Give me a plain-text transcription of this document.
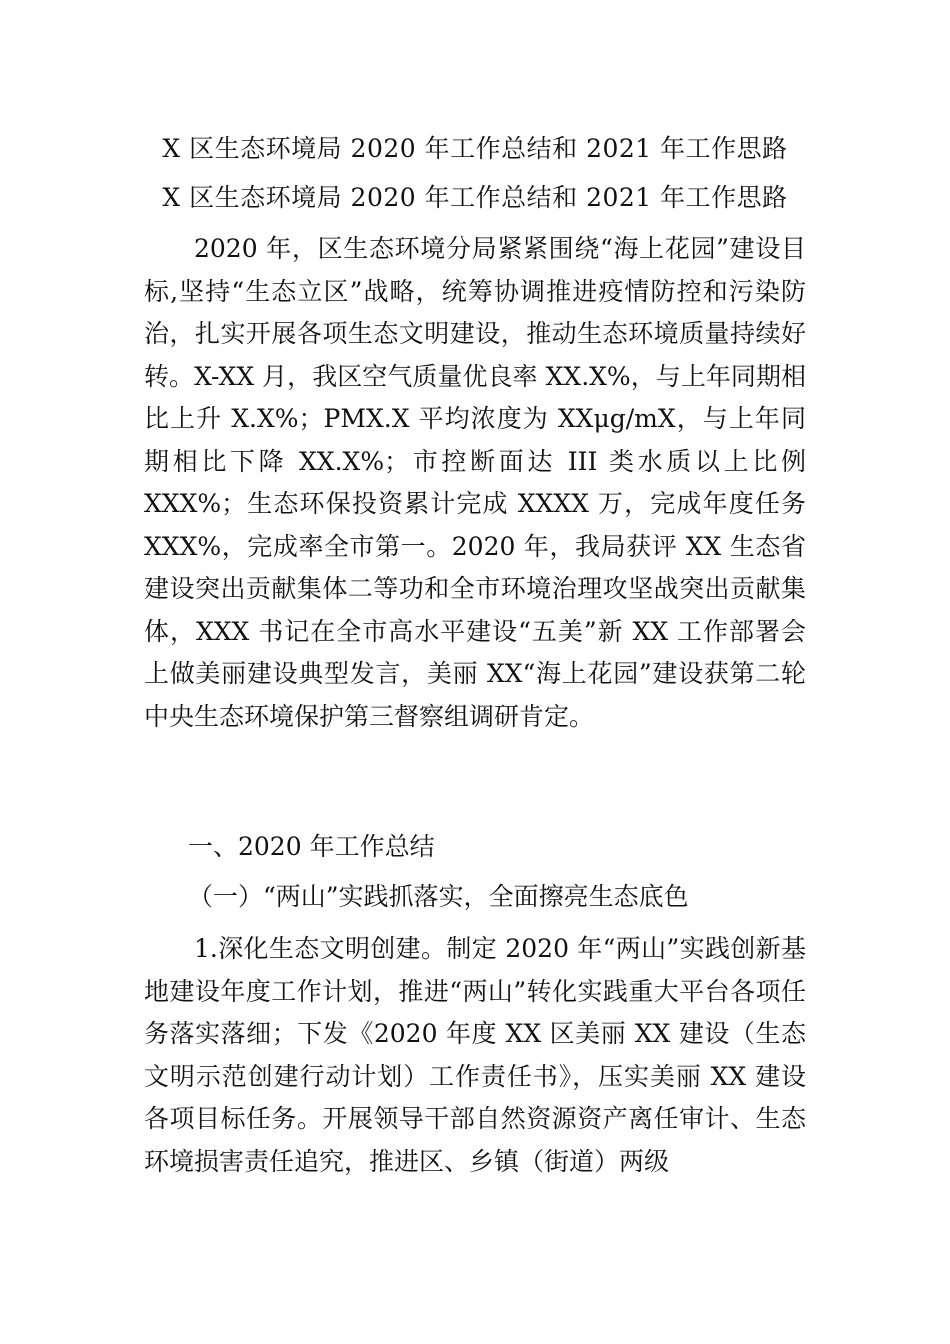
X 区生态环境局 2020 年工作总结和 2021 年工作思路
X 区生态环境局 2020 年工作总结和 2021 年工作思路
2020 年，区生态环境分局紧紧围绕“海上花园”建设目标,坚持“生态立区”战略，统筹协调推进疫情防控和污染防治，扎实开展各项生态文明建设，推动生态环境质量持续好转。X-XX 月，我区空气质量优良率 XX.X%，与上年同期相比上升 X.X%；PMX.X 平均浓度为 XXμg/mX，与上年同期相比下降 XX.X%；市控断面达 III 类水质以上比例 XXX%；生态环保投资累计完成 XXXX 万，完成年度任务 XXX%，完成率全市第一。2020 年，我局获评 XX 生态省建设突出贡献集体二等功和全市环境治理攻坚战突出贡献集体，XXX 书记在全市高水平建设“五美”新 XX 工作部署会上做美丽建设典型发言，美丽 XX“海上花园”建设获第二轮中央生态环境保护第三督察组调研肯定。
一、2020 年工作总结
（一）“两山”实践抓落实，全面擦亮生态底色
1.深化生态文明创建。制定 2020 年“两山”实践创新基地建设年度工作计划，推进“两山”转化实践重大平台各项任务落实落细；下发《2020 年度 XX 区美丽 XX 建设（生态文明示范创建行动计划）工作责任书》，压实美丽 XX 建设各项目标任务。开展领导干部自然资源资产离任审计、生态环境损害责任追究，推进区、乡镇（街道）两级
